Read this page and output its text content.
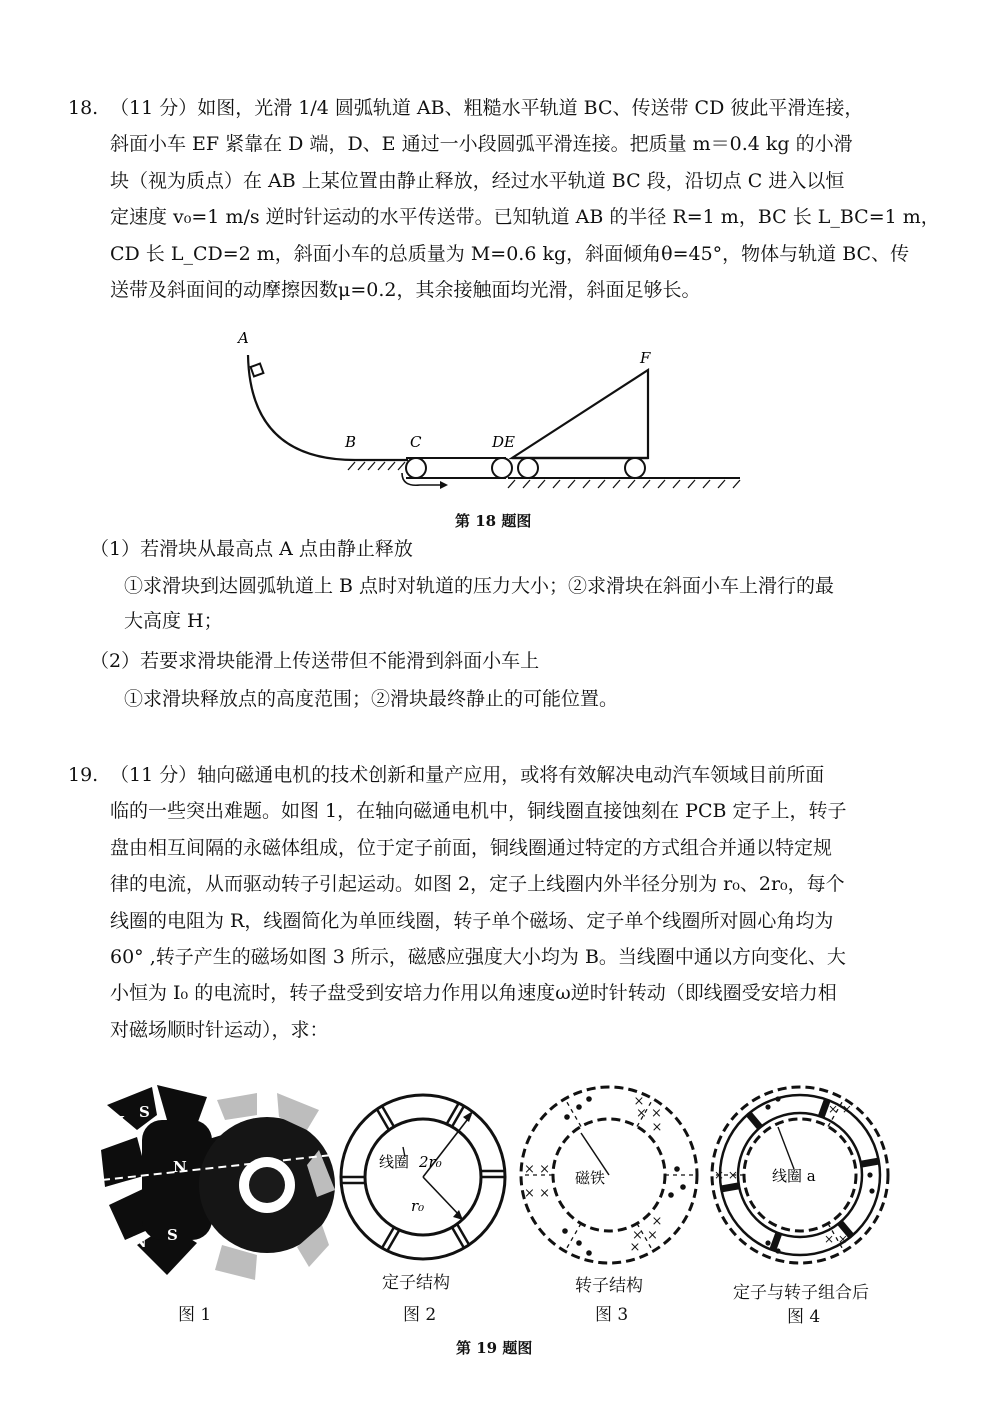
18. （11 分）如图，光滑 1/4 圆弧轨道 AB、粗糙水平轨道 BC、传送带 CD 彼此平滑连接，
斜面小车 EF 紧靠在 D 端，D、E 通过一小段圆弧平滑连接。把质量 m＝0.4 kg 的小滑
块（视为质点）在 AB 上某位置由静止释放，经过水平轨道 BC 段，沿切点 C 进入以恒
定速度 v₀=1 m/s 逆时针运动的水平传送带。已知轨道 AB 的半径 R=1 m，BC 长 L_BC=1 m，
CD 长 L_CD=2 m，斜面小车的总质量为 M=0.6 kg，斜面倾角θ=45°，物体与轨道 BC、传
送带及斜面间的动摩擦因数μ=0.2，其余接触面均光滑，斜面足够长。
A
B	C	DE
F
第 18 题图
（1）若滑块从最高点 A 点由静止释放
①求滑块到达圆弧轨道上 B 点时对轨道的压力大小；②求滑块在斜面小车上滑行的最
大高度 H；
（2）若要求滑块能滑上传送带但不能滑到斜面小车上
①求滑块释放点的高度范围；②滑块最终静止的可能位置。
19. （11 分）轴向磁通电机的技术创新和量产应用，或将有效解决电动汽车领域目前所面
临的一些突出难题。如图 1，在轴向磁通电机中，铜线圈直接蚀刻在 PCB 定子上，转子
盘由相互间隔的永磁体组成，位于定子前面，铜线圈通过特定的方式组合并通以特定规
律的电流，从而驱动转子引起运动。如图 2，定子上线圈内外半径分别为 r₀、2r₀，每个
线圈的电阻为 R，线圈简化为单匝线圈，转子单个磁场、定子单个线圈所对圆心角均为
60° ,转子产生的磁场如图 3 所示，磁感应强度大小均为 B。当线圈中通以方向变化、大
小恒为 I₀ 的电流时，转子盘受到安培力作用以角速度ω逆时针转动（即线圈受安培力相
对磁场顺时针运动），求：
N
S
N
S
N S
图 1
线圈 2r₀
r₀
定子结构
图 2
× ×
×
×
× ×
× ×
× ×
×
×
磁铁
转子结构
图 3
× ×
× ×
× ×
线圈 a
定子与转子组合后
图 4
第 19 题图
